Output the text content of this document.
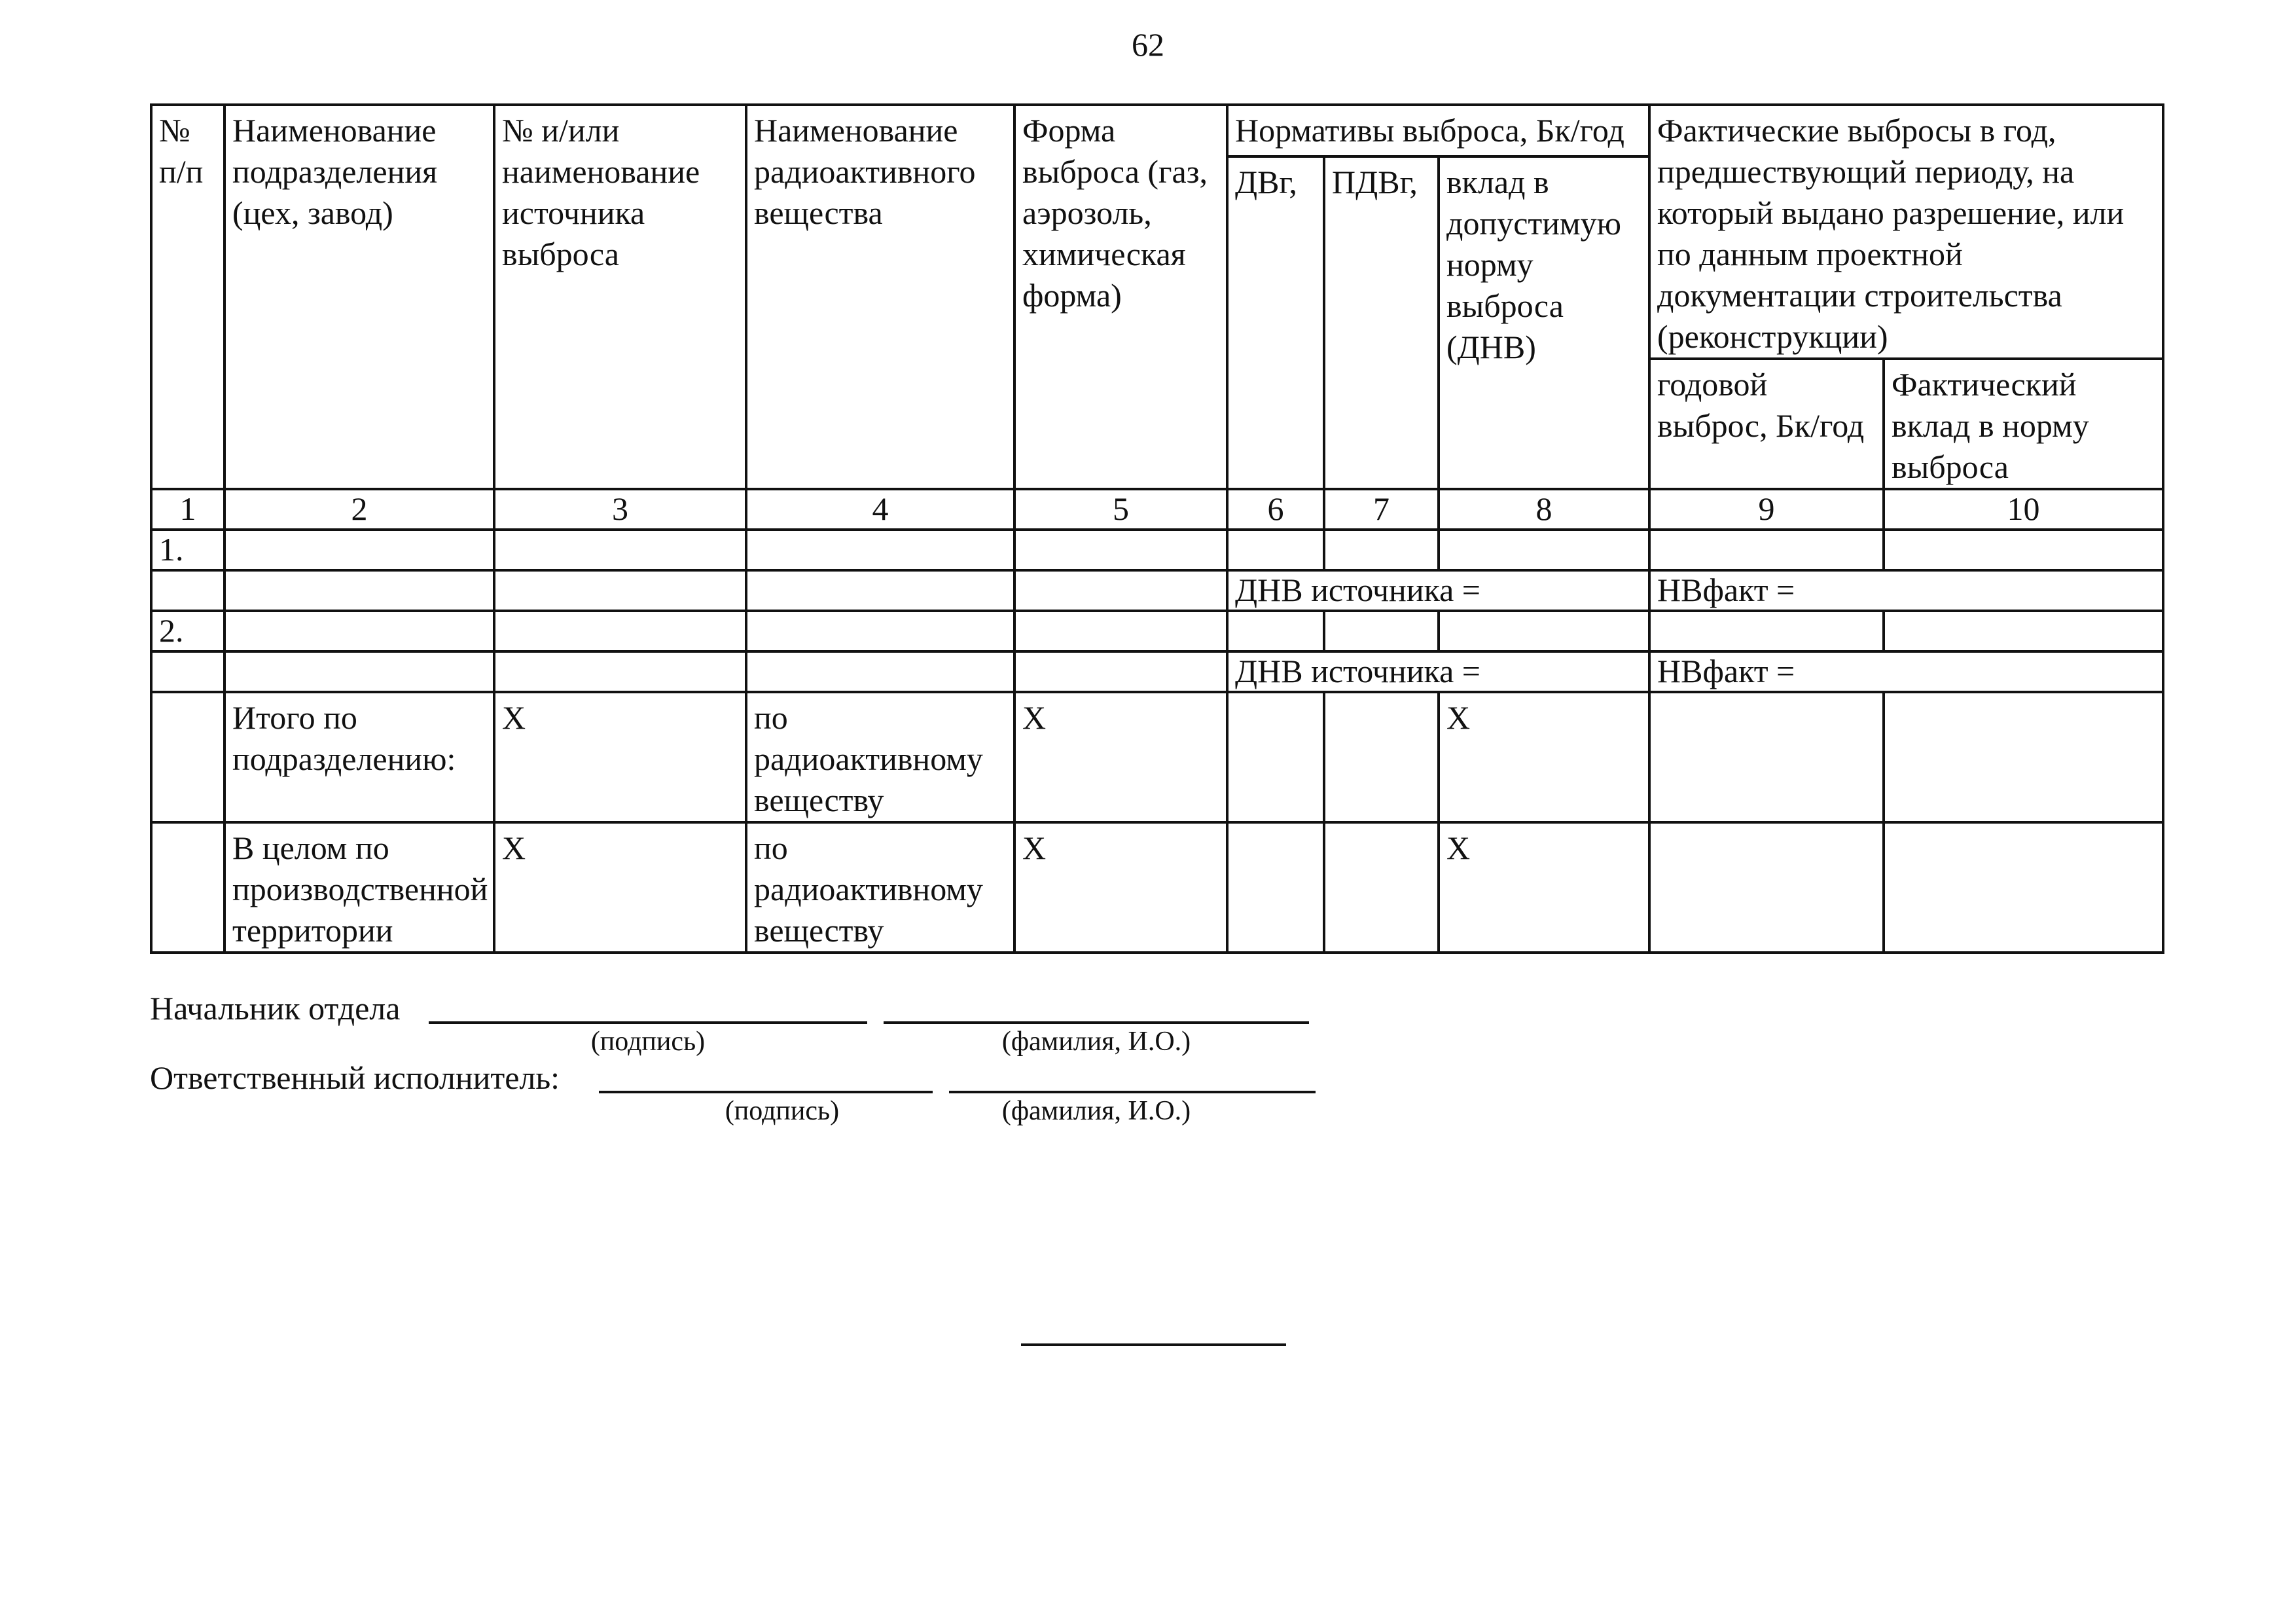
62
№ п/п	Наименование подразделения (цех, завод)	№ и/или наименование источника выброса	Наименование радиоактивного вещества	Форма выброса (газ, аэрозоль, химическая форма)	Нормативы выброса, Бк/год			Фактические выбросы в год, предшествующий периоду, на который выдано разрешение, или по данным проектной документации строительства (реконструкции)	
					ДВг,	ПДВг,	вклад в допустимую норму выброса (ДНВ)		
								годовой выброс, Бк/год	Фактический вклад в норму выброса
1	2	3	4	5	6	7	8	9	10
1.									
					ДНВ источника =			НВфакт =	
2.									
					ДНВ источника =			НВфакт =	
	Итого по подразделению:	X	по радиоактивному веществу	X			X		
	В целом по производственной территории	X	по радиоактивному веществу	X			X		
Начальник отдела
(подпись)	(фамилия, И.О.)
Ответственный исполнитель:
(подпись)	(фамилия, И.О.)
